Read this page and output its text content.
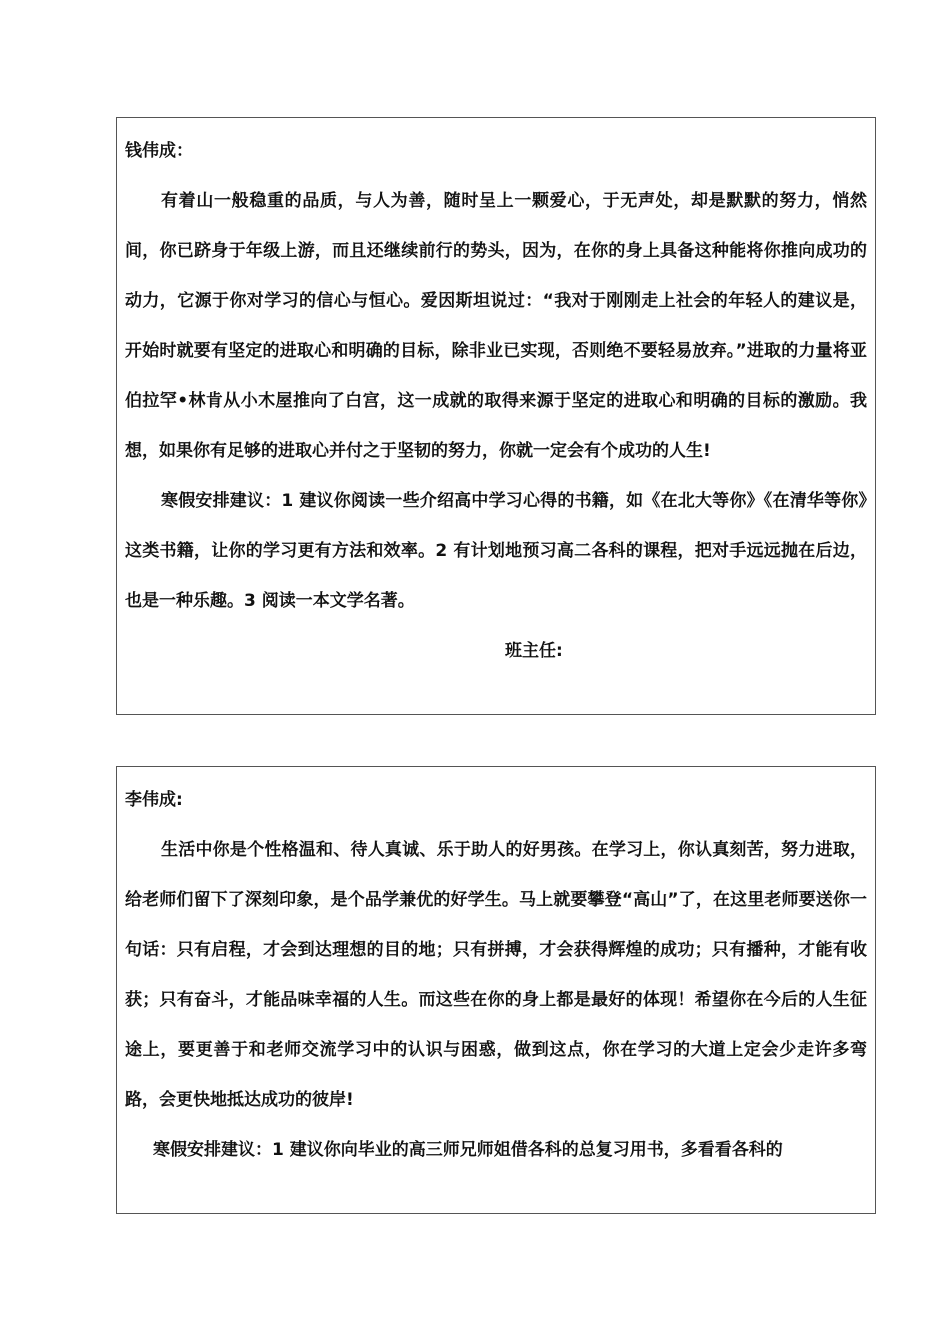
钱伟成：

有着山一般稳重的品质，与人为善，随时呈上一颗爱心，于无声处，却是默默的努力，悄然间，你已跻身于年级上游，而且还继续前行的势头，因为，在你的身上具备这种能将你推向成功的动力，它源于你对学习的信心与恒心。爱因斯坦说过：“我对于刚刚走上社会的年轻人的建议是，开始时就要有坚定的进取心和明确的目标，除非业已实现，否则绝不要轻易放弃。”进取的力量将亚伯拉罕•林肯从小木屋推向了白宫，这一成就的取得来源于坚定的进取心和明确的目标的激励。我想，如果你有足够的进取心并付之于坚韧的努力，你就一定会有个成功的人生!

寒假安排建议：1 建议你阅读一些介绍高中学习心得的书籍，如《在北大等你》《在清华等你》这类书籍，让你的学习更有方法和效率。2 有计划地预习高二各科的课程，把对手远远抛在后边，也是一种乐趣。3 阅读一本文学名著。

班主任:

李伟成:

生活中你是个性格温和、待人真诚、乐于助人的好男孩。在学习上，你认真刻苦，努力进取，给老师们留下了深刻印象，是个品学兼优的好学生。马上就要攀登“高山”了，在这里老师要送你一句话：只有启程，才会到达理想的目的地；只有拼搏，才会获得辉煌的成功；只有播种，才能有收获；只有奋斗，才能品味幸福的人生。而这些在你的身上都是最好的体现！希望你在今后的人生征途上，要更善于和老师交流学习中的认识与困惑，做到这点，你在学习的大道上定会少走许多弯路，会更快地抵达成功的彼岸!

寒假安排建议：1 建议你向毕业的高三师兄师姐借各科的总复习用书，多看看各科的
